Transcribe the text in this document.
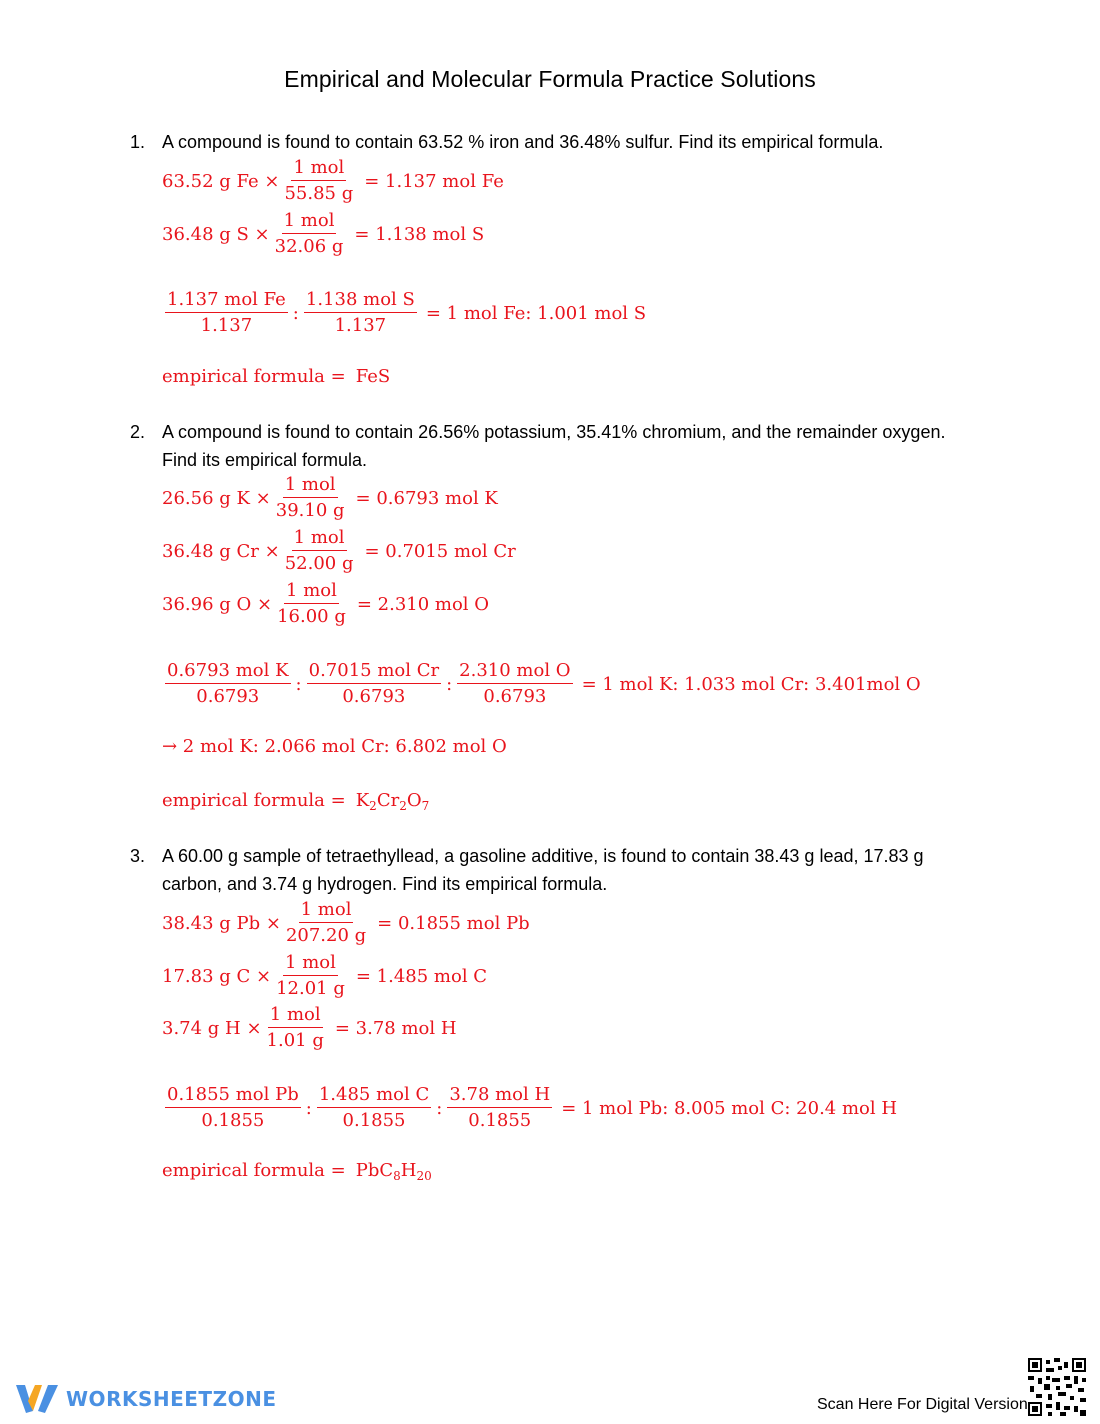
Empirical and Molecular Formula Practice Solutions
1. A compound is found to contain 63.52 % iron and 36.48% sulfur. Find its empirical formula.
63.52 g $Fe \times \frac{\text{1 mol}}{55.85 g} = 1.137$ mol Fe
36.48 g $S \times \frac{\text{1 mol}}{32.06 g} = 1.138$ mol S
$\frac{\text{1.137 mol Fe}}{1.137}$ : $\frac{\text{1.138 mol S}}{1.137} = 1$ mol Fe: 1.001 mol S
empirical formula = FeS
2. A compound is found to contain 26.56% potassium, 35.41% chromium, and the remainder oxygen. Find its empirical formula.
26.56 g $K \times \frac{\text{1 mol}}{39.10 g} = 0.6793$ mol K
36.48 g $Cr \times \frac{\text{1 mol}}{52.00 g} = 0.7015$ mol Cr
36.96 g $O \times \frac{\text{1 mol}}{16.00 g} = 2.310$ mol O
$\frac{\text{0.6793 mol K}}{0.6793}$ : $\frac{\text{0.7015 mol Cr}}{0.6793}$ : $\frac{\text{2.310 mol O}}{0.6793} = 1$ mol K: 1.033 mol Cr: 3.401mol O
→ 2 mol K: 2.066 mol Cr: 6.802 mol O
empirical formula = $K_2Cr_2O_7$
3. A 60.00 g sample of tetraethyllead, a gasoline additive, is found to contain 38.43 g lead, 17.83 g carbon, and 3.74 g hydrogen. Find its empirical formula.
38.43 g $Pb \times \frac{\text{1 mol}}{207.20 g} = 0.1855$ mol Pb
17.83 g $C \times \frac{\text{1 mol}}{12.01 g} = 1.485$ mol C
3.74 g $H \times \frac{\text{1 mol}}{1.01 g} = 3.78$ mol H
$\frac{\text{0.1855 mol Pb}}{0.1855}$ : $\frac{\text{1.485 mol C}}{0.1855}$ : $\frac{\text{3.78 mol H}}{0.1855} = 1$ mol Pb: 8.005 mol C: 20.4 mol H
empirical formula = $PbC_8H_{20}$
WORKSHEETZONE	Scan Here For Digital Version
